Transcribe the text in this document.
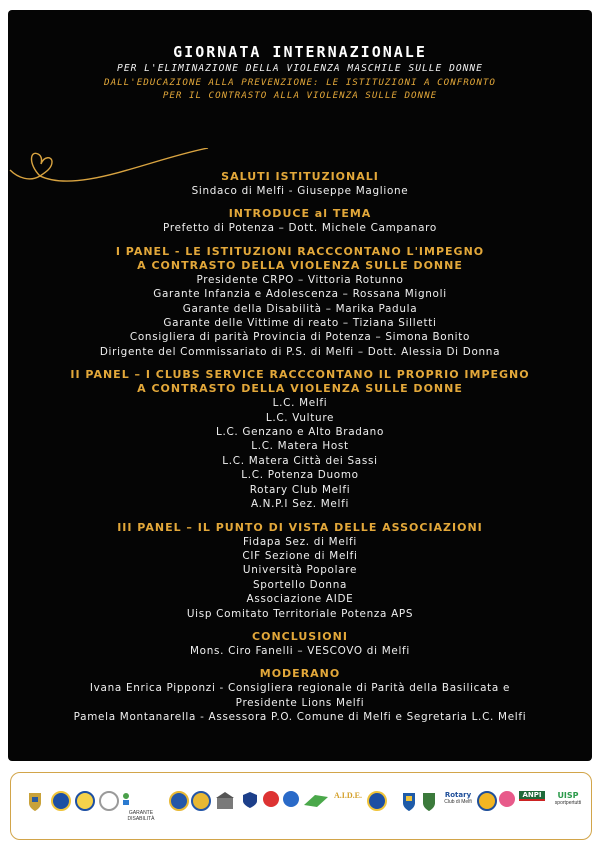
GIORNATA INTERNAZIONALE

PER L'ELIMINAZIONE DELLA VIOLENZA MASCHILE SULLE DONNE

DALL'EDUCAZIONE ALLA PREVENZIONE: LE ISTITUZIONI A CONFRONTO

PER IL CONTRASTO ALLA VIOLENZA SULLE DONNE

SALUTI ISTITUZIONALI

Sindaco di Melfi - Giuseppe Maglione

INTRODUCE al TEMA

Prefetto di Potenza – Dott. Michele Campanaro

I PANEL - LE ISTITUZIONI RACCCONTANO L'IMPEGNO

A CONTRASTO DELLA VIOLENZA SULLE DONNE

Presidente CRPO – Vittoria Rotunno

Garante Infanzia e Adolescenza – Rossana Mignoli

Garante della Disabilità – Marika Padula

Garante delle Vittime di reato – Tiziana Silletti

Consigliera di parità Provincia di Potenza – Simona Bonito

Dirigente del Commissariato di P.S. di Melfi – Dott. Alessia Di Donna

II PANEL – I CLUBS SERVICE RACCCONTANO IL PROPRIO IMPEGNO

A CONTRASTO DELLA VIOLENZA SULLE DONNE

L.C. Melfi

L.C. Vulture

L.C. Genzano e Alto Bradano

L.C. Matera Host

L.C. Matera Città dei Sassi

L.C. Potenza Duomo

Rotary Club Melfi

A.N.P.I Sez. Melfi

III PANEL – IL PUNTO DI VISTA DELLE ASSOCIAZIONI

Fidapa Sez. di Melfi

CIF Sezione di Melfi

Università Popolare

Sportello Donna

Associazione AIDE

Uisp Comitato Territoriale Potenza APS

CONCLUSIONI

Mons. Ciro Fanelli – VESCOVO di Melfi

MODERANO

Ivana Enrica Pipponzi - Consigliera regionale di Parità della Basilicata e

Presidente Lions Melfi

Pamela Montanarella - Assessora P.O. Comune di Melfi e Segretaria L.C. Melfi

GARANTE DISABILITÀ
A.I.D.E.	Rotary
Club di Melfi
ANPI	UISP
sportpertutti
